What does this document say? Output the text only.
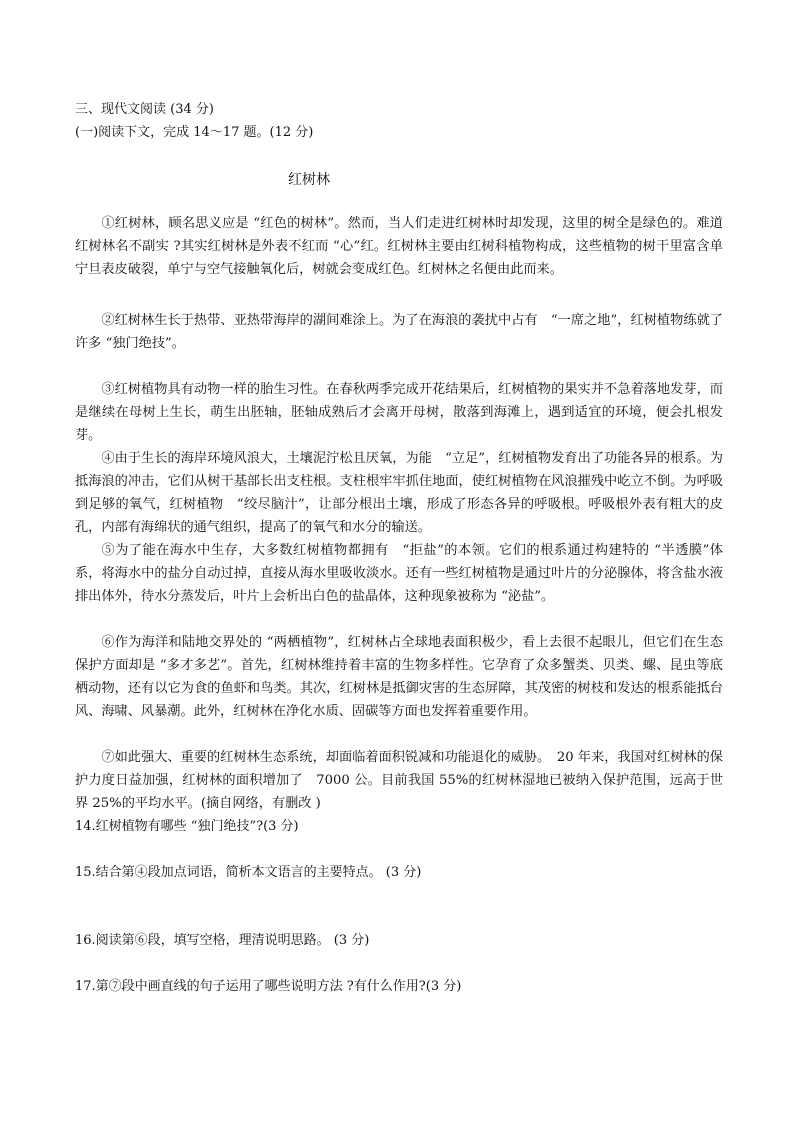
三、现代文阅读 (34 分)
(一)阅读下文，完成 14～17 题。(12 分)
红树林

①红树林，顾名思义应是 “红色的树林”。然而，当人们走进红树林时却发现，这里的树全是绿色的。难道红树林名不副实 ?其实红树林是外表不红而 “心”红。红树林主要由红树科植物构成，这些植物的树干里富含单宁旦表皮破裂，单宁与空气接触氧化后，树就会变成红色。红树林之名便由此而来。

②红树林生长于热带、亚热带海岸的湖间难涂上。为了在海浪的袭扰中占有　“一席之地”，红树植物练就了许多 “独门绝技”。

③红树植物具有动物一样的胎生习性。在春秋两季完成开花结果后，红树植物的果实并不急着落地发芽，而是继续在母树上生长，萌生出胚轴，胚轴成熟后才会离开母树，散落到海滩上，遇到适宜的环境，便会扎根发芽。

④由于生长的海岸环境风浪大，土壤泥泞松且厌氧，为能　“立足”，红树植物发育出了功能各异的根系。为抵海浪的冲击，它们从树干基部长出支柱根。支柱根牢牢抓住地面，使红树植物在风浪摧残中屹立不倒。为呼吸到足够的氧气，红树植物　“绞尽脑汁”，让部分根出土壤，形成了形态各异的呼吸根。呼吸根外表有粗大的皮孔，内部有海绵状的通气组织，提高了的氧气和水分的输送。

⑤为了能在海水中生存，大多数红树植物都拥有　“拒盐”的本领。它们的根系通过构建特的 “半透膜”体系，将海水中的盐分自动过掉，直接从海水里吸收淡水。还有一些红树植物是通过叶片的分泌腺体，将含盐水液排出体外，待水分蒸发后，叶片上会析出白色的盐晶体，这种现象被称为 “泌盐”。

⑥作为海洋和陆地交界处的 “两栖植物”，红树林占全球地表面积极少，看上去很不起眼儿，但它们在生态保护方面却是 “多才多艺”。首先，红树林维持着丰富的生物多样性。它孕育了众多蟹类、贝类、螺、昆虫等底栖动物，还有以它为食的鱼虾和鸟类。其次，红树林是抵御灾害的生态屏障，其茂密的树枝和发达的根系能抵台风、海啸、风暴潮。此外，红树林在净化水质、固碳等方面也发挥着重要作用。

⑦如此强大、重要的红树林生态系统，却面临着面积锐减和功能退化的威胁。　20 年来，我国对红树林的保护力度日益加强，红树林的面积增加了　7000 公。目前我国 55%的红树林湿地已被纳入保护范围，远高于世界 25%的平均水平。(摘自网络，有删改 )

14.红树植物有哪些 “独门绝技”?(3 分)
15.结合第④段加点词语，简析本文语言的主要特点。 (3 分)
16.阅读第⑥段，填写空格，理清说明思路。 (3 分)
17.第⑦段中画直线的句子运用了哪些说明方法 ?有什么作用?(3 分)
